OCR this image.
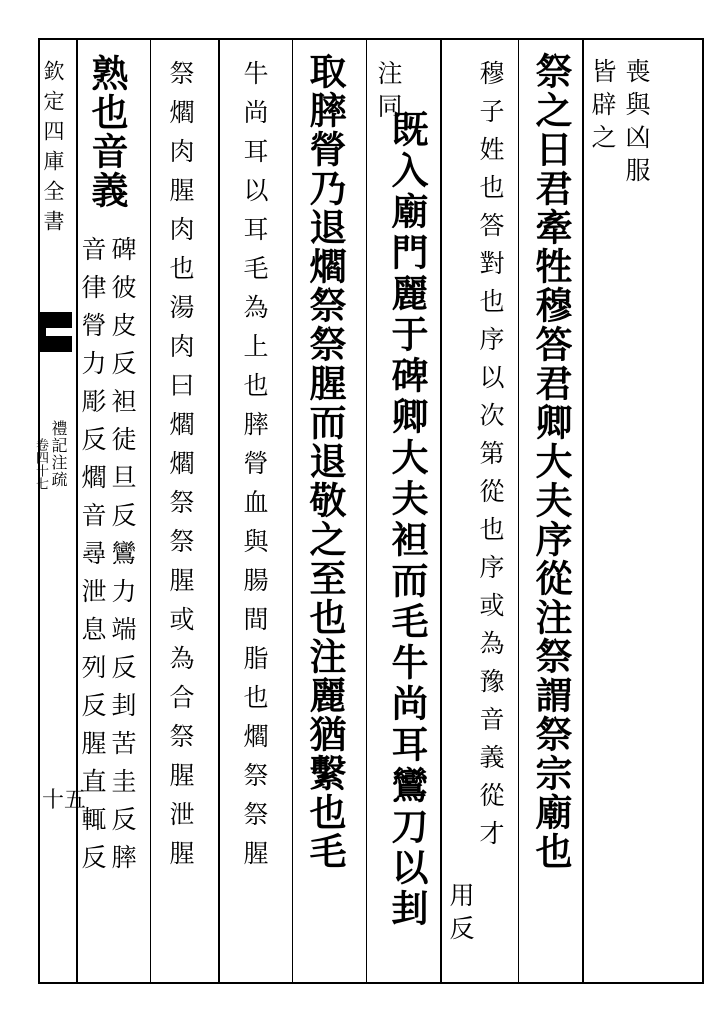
欽定四庫全書
禮記注疏
卷四十七
十五
喪與凶服
皆辟之
祭之日君牽牲穆答君卿大夫序從注祭謂祭宗廟也
穆子姓也答對也序以次第從也序或為豫音義從才
用反
注同
既入廟門麗于碑卿大夫袒而毛牛尚耳鸞刀以刲
取膟膋乃退爓祭祭腥而退敬之至也注麗猶繫也毛
牛尚耳以耳毛為上也膟膋血與腸間脂也爓祭祭腥
祭爓肉腥肉也湯肉曰爓爓祭祭腥或為合祭腥泄腥
熟也音義
碑彼皮反袒徒旦反鸞力端反刲苦圭反膟
音律膋力彫反爓音尋泄息列反腥直輒反
